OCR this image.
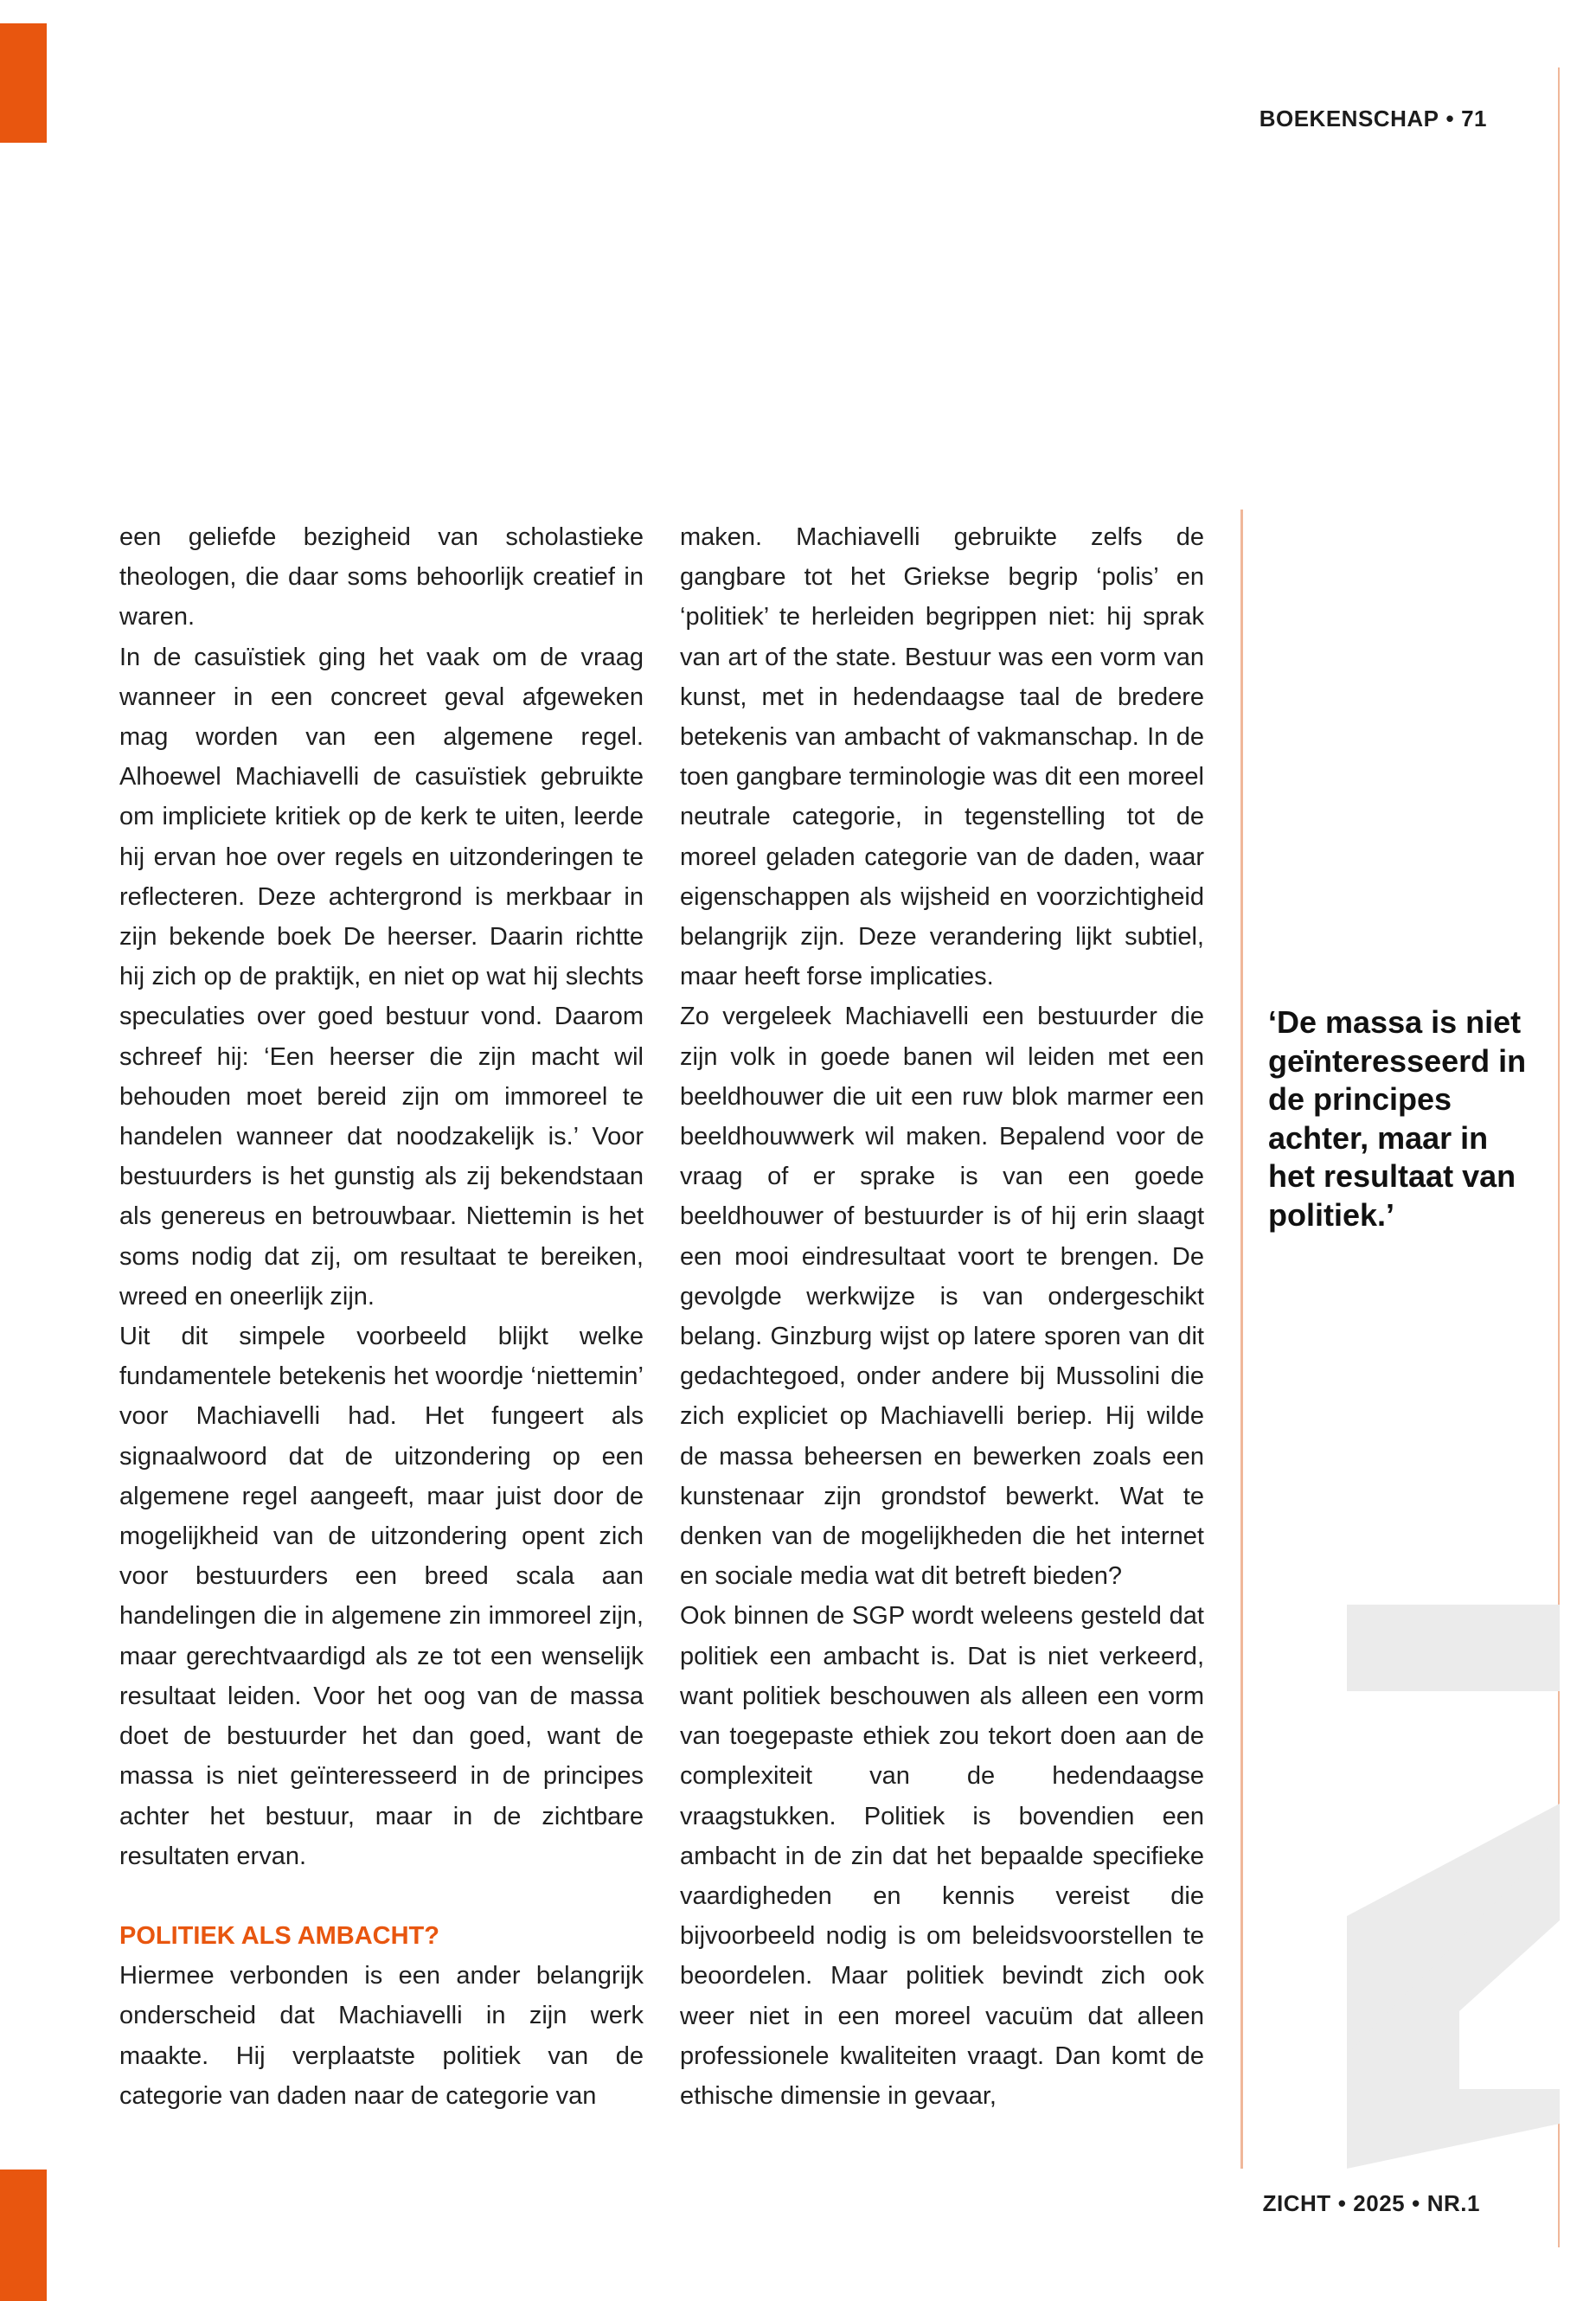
BOEKENSCHAP • 71

een geliefde bezigheid van scholastieke theologen, die daar soms behoorlijk creatief in waren.

In de casuïstiek ging het vaak om de vraag wanneer in een concreet geval afgeweken mag worden van een algemene regel. Alhoewel Machiavelli de casuïstiek gebruikte om impliciete kritiek op de kerk te uiten, leerde hij ervan hoe over regels en uitzonderingen te reflecteren. Deze achtergrond is merkbaar in zijn bekende boek De heerser. Daarin richtte hij zich op de praktijk, en niet op wat hij slechts speculaties over goed bestuur vond. Daarom schreef hij: ‘Een heerser die zijn macht wil behouden moet bereid zijn om immoreel te handelen wanneer dat noodzakelijk is.’ Voor bestuurders is het gunstig als zij bekendstaan als genereus en betrouwbaar. Niettemin is het soms nodig dat zij, om resultaat te bereiken, wreed en oneerlijk zijn.

Uit dit simpele voorbeeld blijkt welke fundamentele betekenis het woordje ‘niettemin’ voor Machiavelli had. Het fungeert als signaalwoord dat de uitzondering op een algemene regel aangeeft, maar juist door de mogelijkheid van de uitzondering opent zich voor bestuurders een breed scala aan handelingen die in algemene zin immoreel zijn, maar gerechtvaardigd als ze tot een wenselijk resultaat leiden. Voor het oog van de massa doet de bestuurder het dan goed, want de massa is niet geïnteresseerd in de principes achter het bestuur, maar in de zichtbare resultaten ervan.

POLITIEK ALS AMBACHT?

Hiermee verbonden is een ander belangrijk onderscheid dat Machiavelli in zijn werk maakte. Hij verplaatste politiek van de categorie van daden naar de categorie van

maken. Machiavelli gebruikte zelfs de gangbare tot het Griekse begrip ‘polis’ en ‘politiek’ te herleiden begrippen niet: hij sprak van art of the state. Bestuur was een vorm van kunst, met in hedendaagse taal de bredere betekenis van ambacht of vakmanschap. In de toen gangbare terminologie was dit een moreel neutrale categorie, in tegenstelling tot de moreel geladen categorie van de daden, waar eigenschappen als wijsheid en voorzichtigheid belangrijk zijn. Deze verandering lijkt subtiel, maar heeft forse implicaties.

Zo vergeleek Machiavelli een bestuurder die zijn volk in goede banen wil leiden met een beeldhouwer die uit een ruw blok marmer een beeldhouwwerk wil maken. Bepalend voor de vraag of er sprake is van een goede beeldhouwer of bestuurder is of hij erin slaagt een mooi eindresultaat voort te brengen. De gevolgde werkwijze is van ondergeschikt belang. Ginzburg wijst op latere sporen van dit gedachtegoed, onder andere bij Mussolini die zich expliciet op Machiavelli beriep. Hij wilde de massa beheersen en bewerken zoals een kunstenaar zijn grondstof bewerkt. Wat te denken van de mogelijkheden die het internet en sociale media wat dit betreft bieden?

Ook binnen de SGP wordt weleens gesteld dat politiek een ambacht is. Dat is niet verkeerd, want politiek beschouwen als alleen een vorm van toegepaste ethiek zou tekort doen aan de complexiteit van de hedendaagse vraagstukken. Politiek is bovendien een ambacht in de zin dat het bepaalde specifieke vaardigheden en kennis vereist die bijvoorbeeld nodig is om beleidsvoorstellen te beoordelen. Maar politiek bevindt zich ook weer niet in een moreel vacuüm dat alleen professionele kwaliteiten vraagt. Dan komt de ethische dimensie in gevaar,

‘De massa is niet geïnteresseerd in de principes achter, maar in het resultaat van politiek.’
ZICHT • 2025 • NR.1
